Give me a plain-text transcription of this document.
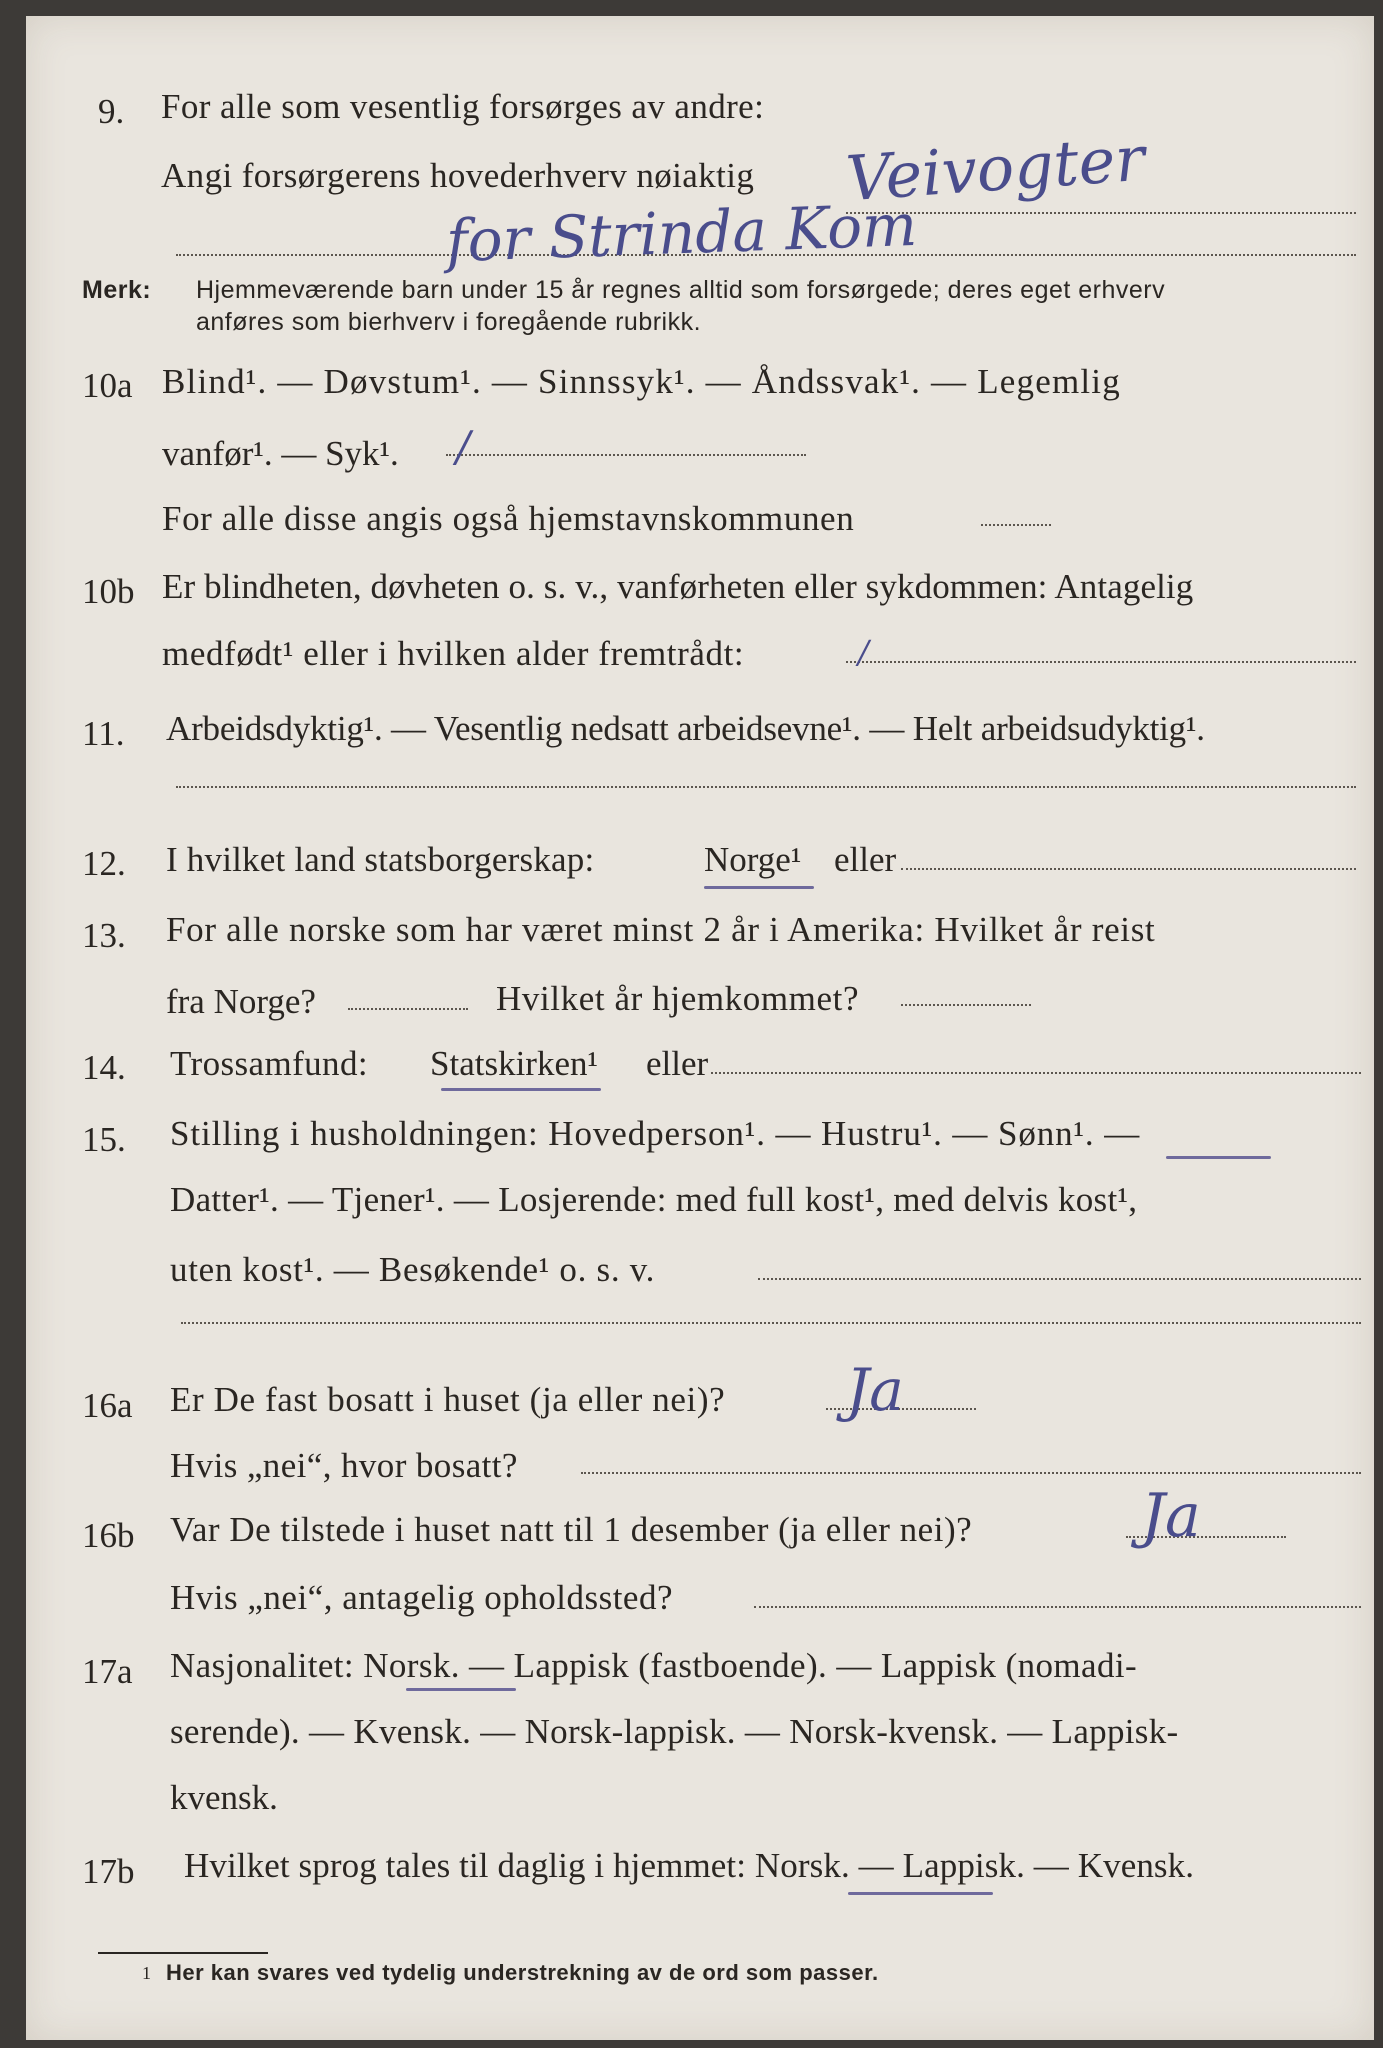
9. For alle som vesentlig forsørges av andre:
Angi forsørgerens hovederhverv nøiaktig Veivogter
for Strinda Kom
Merk: Hjemmeværende barn under 15 år regnes alltid som forsørgede; deres eget erhverv
anføres som bierhverv i foregående rubrikk.
10a Blind¹. — Døvstum¹. — Sinnssyk¹. — Åndssvak¹. — Legemlig
vanfør¹. — Syk¹. /
For alle disse angis også hjemstavnskommunen
10b Er blindheten, døvheten o. s. v., vanførheten eller sykdommen: Antagelig
medfødt¹ eller i hvilken alder fremtrådt:	/
11. Arbeidsdyktig¹. — Vesentlig nedsatt arbeidsevne¹. — Helt arbeidsudyktig¹.
12. I hvilket land statsborgerskap:	Norge¹ eller
13. For alle norske som har været minst 2 år i Amerika: Hvilket år reist
fra Norge?	Hvilket år hjemkommet?
14. Trossamfund: Statskirken¹ eller
15. Stilling i husholdningen: Hovedperson¹. — Hustru¹. — Sønn¹. —
Datter¹. — Tjener¹. — Losjerende: med full kost¹, med delvis kost¹,
uten kost¹. — Besøkende¹ o. s. v.
16a Er De fast bosatt i huset (ja eller nei)? Ja
Hvis „nei“, hvor bosatt?
16b Var De tilstede i huset natt til 1 desember (ja eller nei)?	Ja
Hvis „nei“, antagelig opholdssted?
17a Nasjonalitet: Norsk. — Lappisk (fastboende). — Lappisk (nomadi-
serende). — Kvensk. — Norsk-lappisk. — Norsk-kvensk. — Lappisk-
kvensk.
17b Hvilket sprog tales til daglig i hjemmet: Norsk. — Lappisk. — Kvensk.
1 Her kan svares ved tydelig understrekning av de ord som passer.
